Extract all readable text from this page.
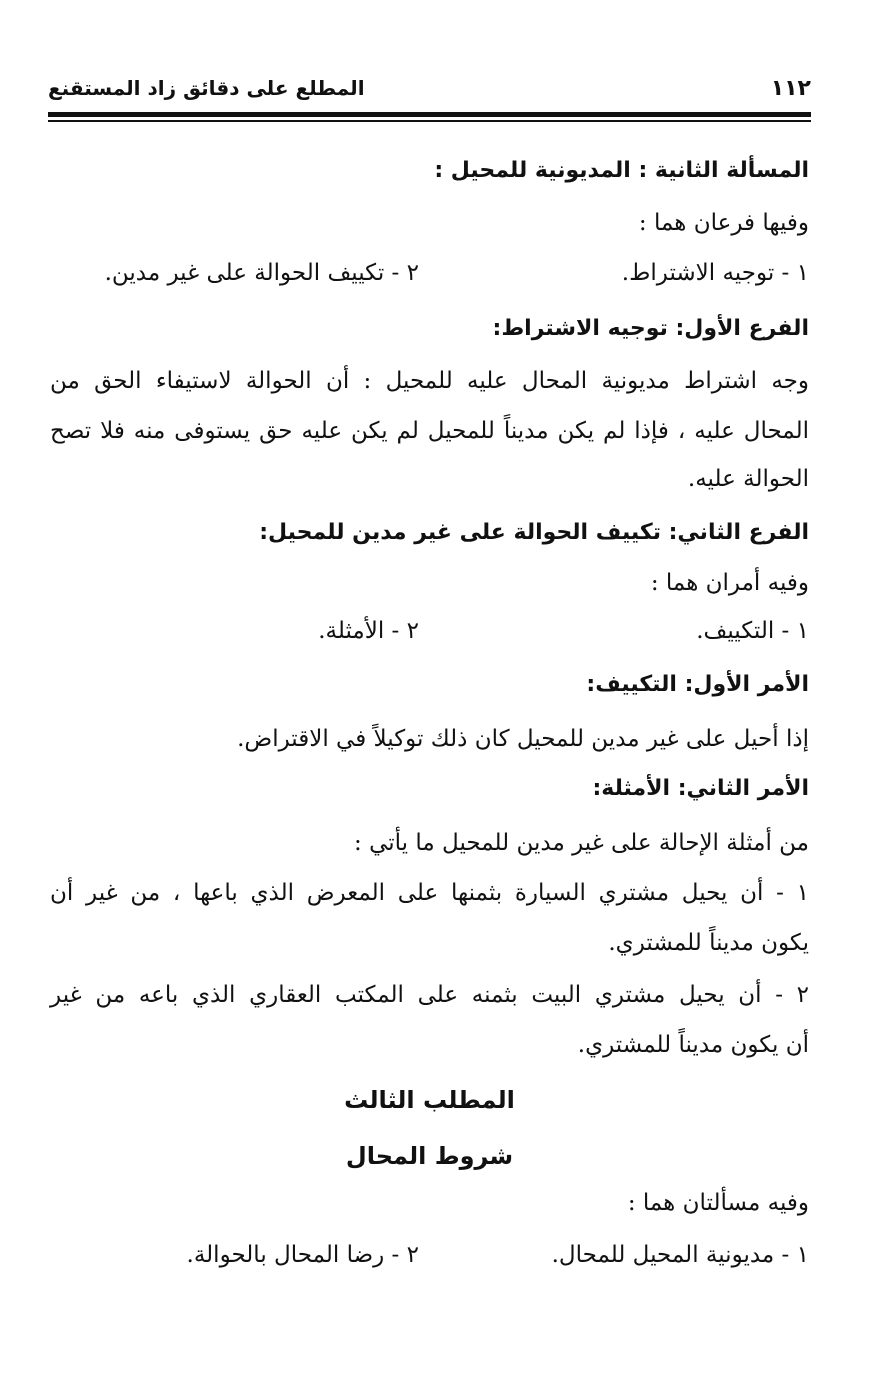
١١٢
المطلع على دقائق زاد المستقنع
المسألة الثانية : المديونية للمحيل :
وفيها فرعان هما :
١ - توجيه الاشتراط.
٢ - تكييف الحوالة على غير مدين.
الفرع الأول: توجيه الاشتراط:
وجه اشتراط مديونية المحال عليه للمحيل : أن الحوالة لاستيفاء الحق من
المحال عليه ، فإذا لم يكن مديناً للمحيل لم يكن عليه حق يستوفى منه فلا تصح
الحوالة عليه.
الفرع الثاني: تكييف الحوالة على غير مدين للمحيل:
وفيه أمران هما :
١ - التكييف.
٢ - الأمثلة.
الأمر الأول: التكييف:
إذا أحيل على غير مدين للمحيل كان ذلك توكيلاً في الاقتراض.
الأمر الثاني: الأمثلة:
من أمثلة الإحالة على غير مدين للمحيل ما يأتي :
١ - أن يحيل مشتري السيارة بثمنها على المعرض الذي باعها ، من غير أن
يكون مديناً للمشتري.
٢ - أن يحيل مشتري البيت بثمنه على المكتب العقاري الذي باعه من غير
أن يكون مديناً للمشتري.
المطلب الثالث
شروط المحال
وفيه مسألتان هما :
١ - مديونية المحيل للمحال.
٢ - رضا المحال بالحوالة.
